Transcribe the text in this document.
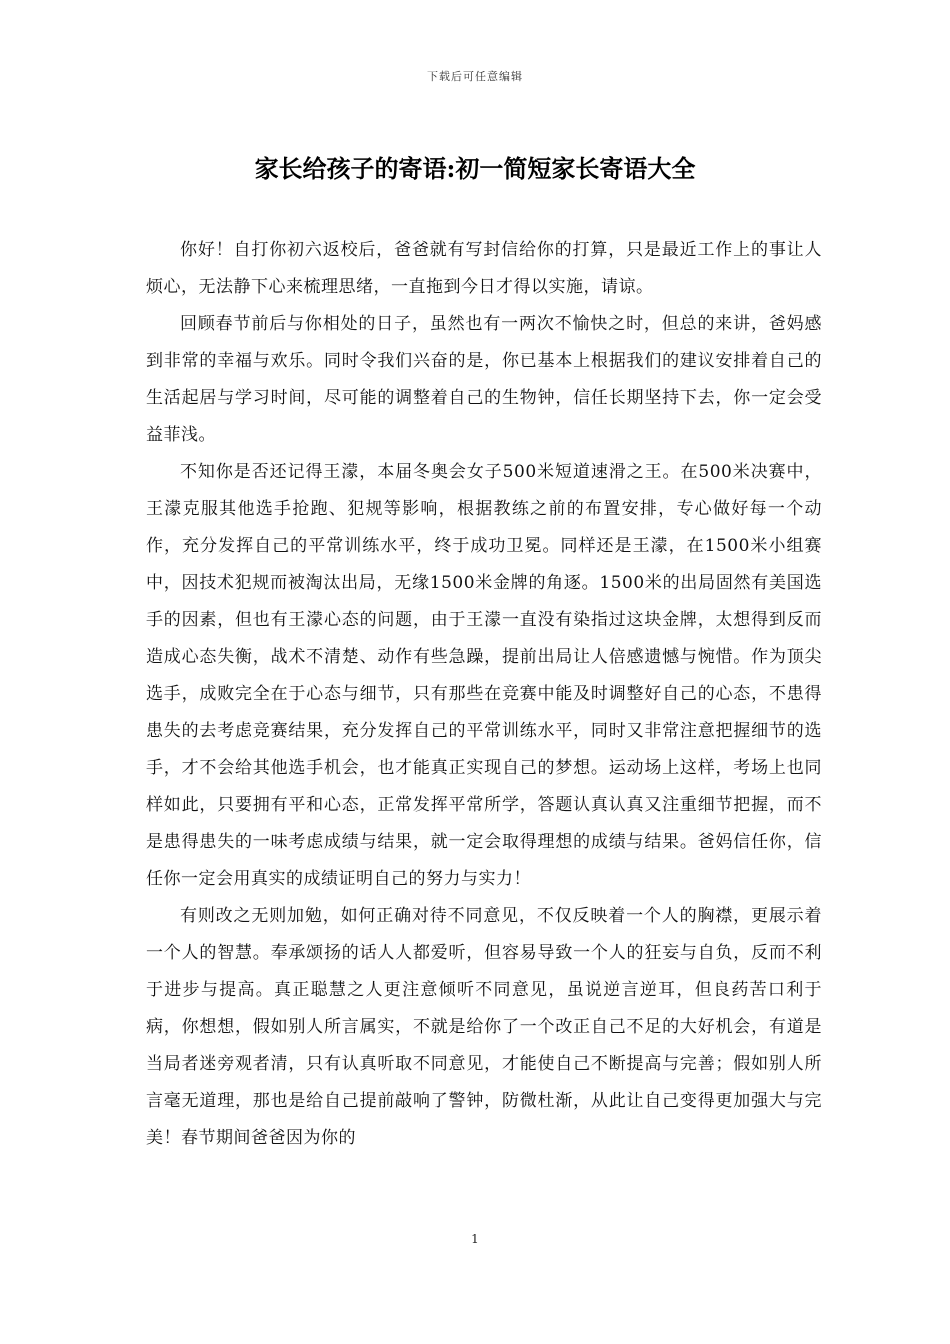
下载后可任意编辑
家长给孩子的寄语:初一简短家长寄语大全

你好！自打你初六返校后，爸爸就有写封信给你的打算，只是最近工作上的事让人烦心，无法静下心来梳理思绪，一直拖到今日才得以实施，请谅。

回顾春节前后与你相处的日子，虽然也有一两次不愉快之时，但总的来讲，爸妈感到非常的幸福与欢乐。同时令我们兴奋的是，你已基本上根据我们的建议安排着自己的生活起居与学习时间，尽可能的调整着自己的生物钟，信任长期坚持下去，你一定会受益菲浅。

不知你是否还记得王濛，本届冬奥会女子500米短道速滑之王。在500米决赛中，王濛克服其他选手抢跑、犯规等影响，根据教练之前的布置安排，专心做好每一个动作，充分发挥自己的平常训练水平，终于成功卫冕。同样还是王濛，在1500米小组赛中，因技术犯规而被淘汰出局，无缘1500米金牌的角逐。1500米的出局固然有美国选手的因素，但也有王濛心态的问题，由于王濛一直没有染指过这块金牌，太想得到反而造成心态失衡，战术不清楚、动作有些急躁，提前出局让人倍感遗憾与惋惜。作为顶尖选手，成败完全在于心态与细节，只有那些在竞赛中能及时调整好自己的心态，不患得患失的去考虑竞赛结果，充分发挥自己的平常训练水平，同时又非常注意把握细节的选手，才不会给其他选手机会，也才能真正实现自己的梦想。运动场上这样，考场上也同样如此，只要拥有平和心态，正常发挥平常所学，答题认真认真又注重细节把握，而不是患得患失的一味考虑成绩与结果，就一定会取得理想的成绩与结果。爸妈信任你，信任你一定会用真实的成绩证明自己的努力与实力！

有则改之无则加勉，如何正确对待不同意见，不仅反映着一个人的胸襟，更展示着一个人的智慧。奉承颂扬的话人人都爱听，但容易导致一个人的狂妄与自负，反而不利于进步与提高。真正聪慧之人更注意倾听不同意见，虽说逆言逆耳，但良药苦口利于病，你想想，假如别人所言属实，不就是给你了一个改正自己不足的大好机会，有道是当局者迷旁观者清，只有认真听取不同意见，才能使自己不断提高与完善；假如别人所言毫无道理，那也是给自己提前敲响了警钟，防微杜渐，从此让自己变得更加强大与完美！春节期间爸爸因为你的

1
